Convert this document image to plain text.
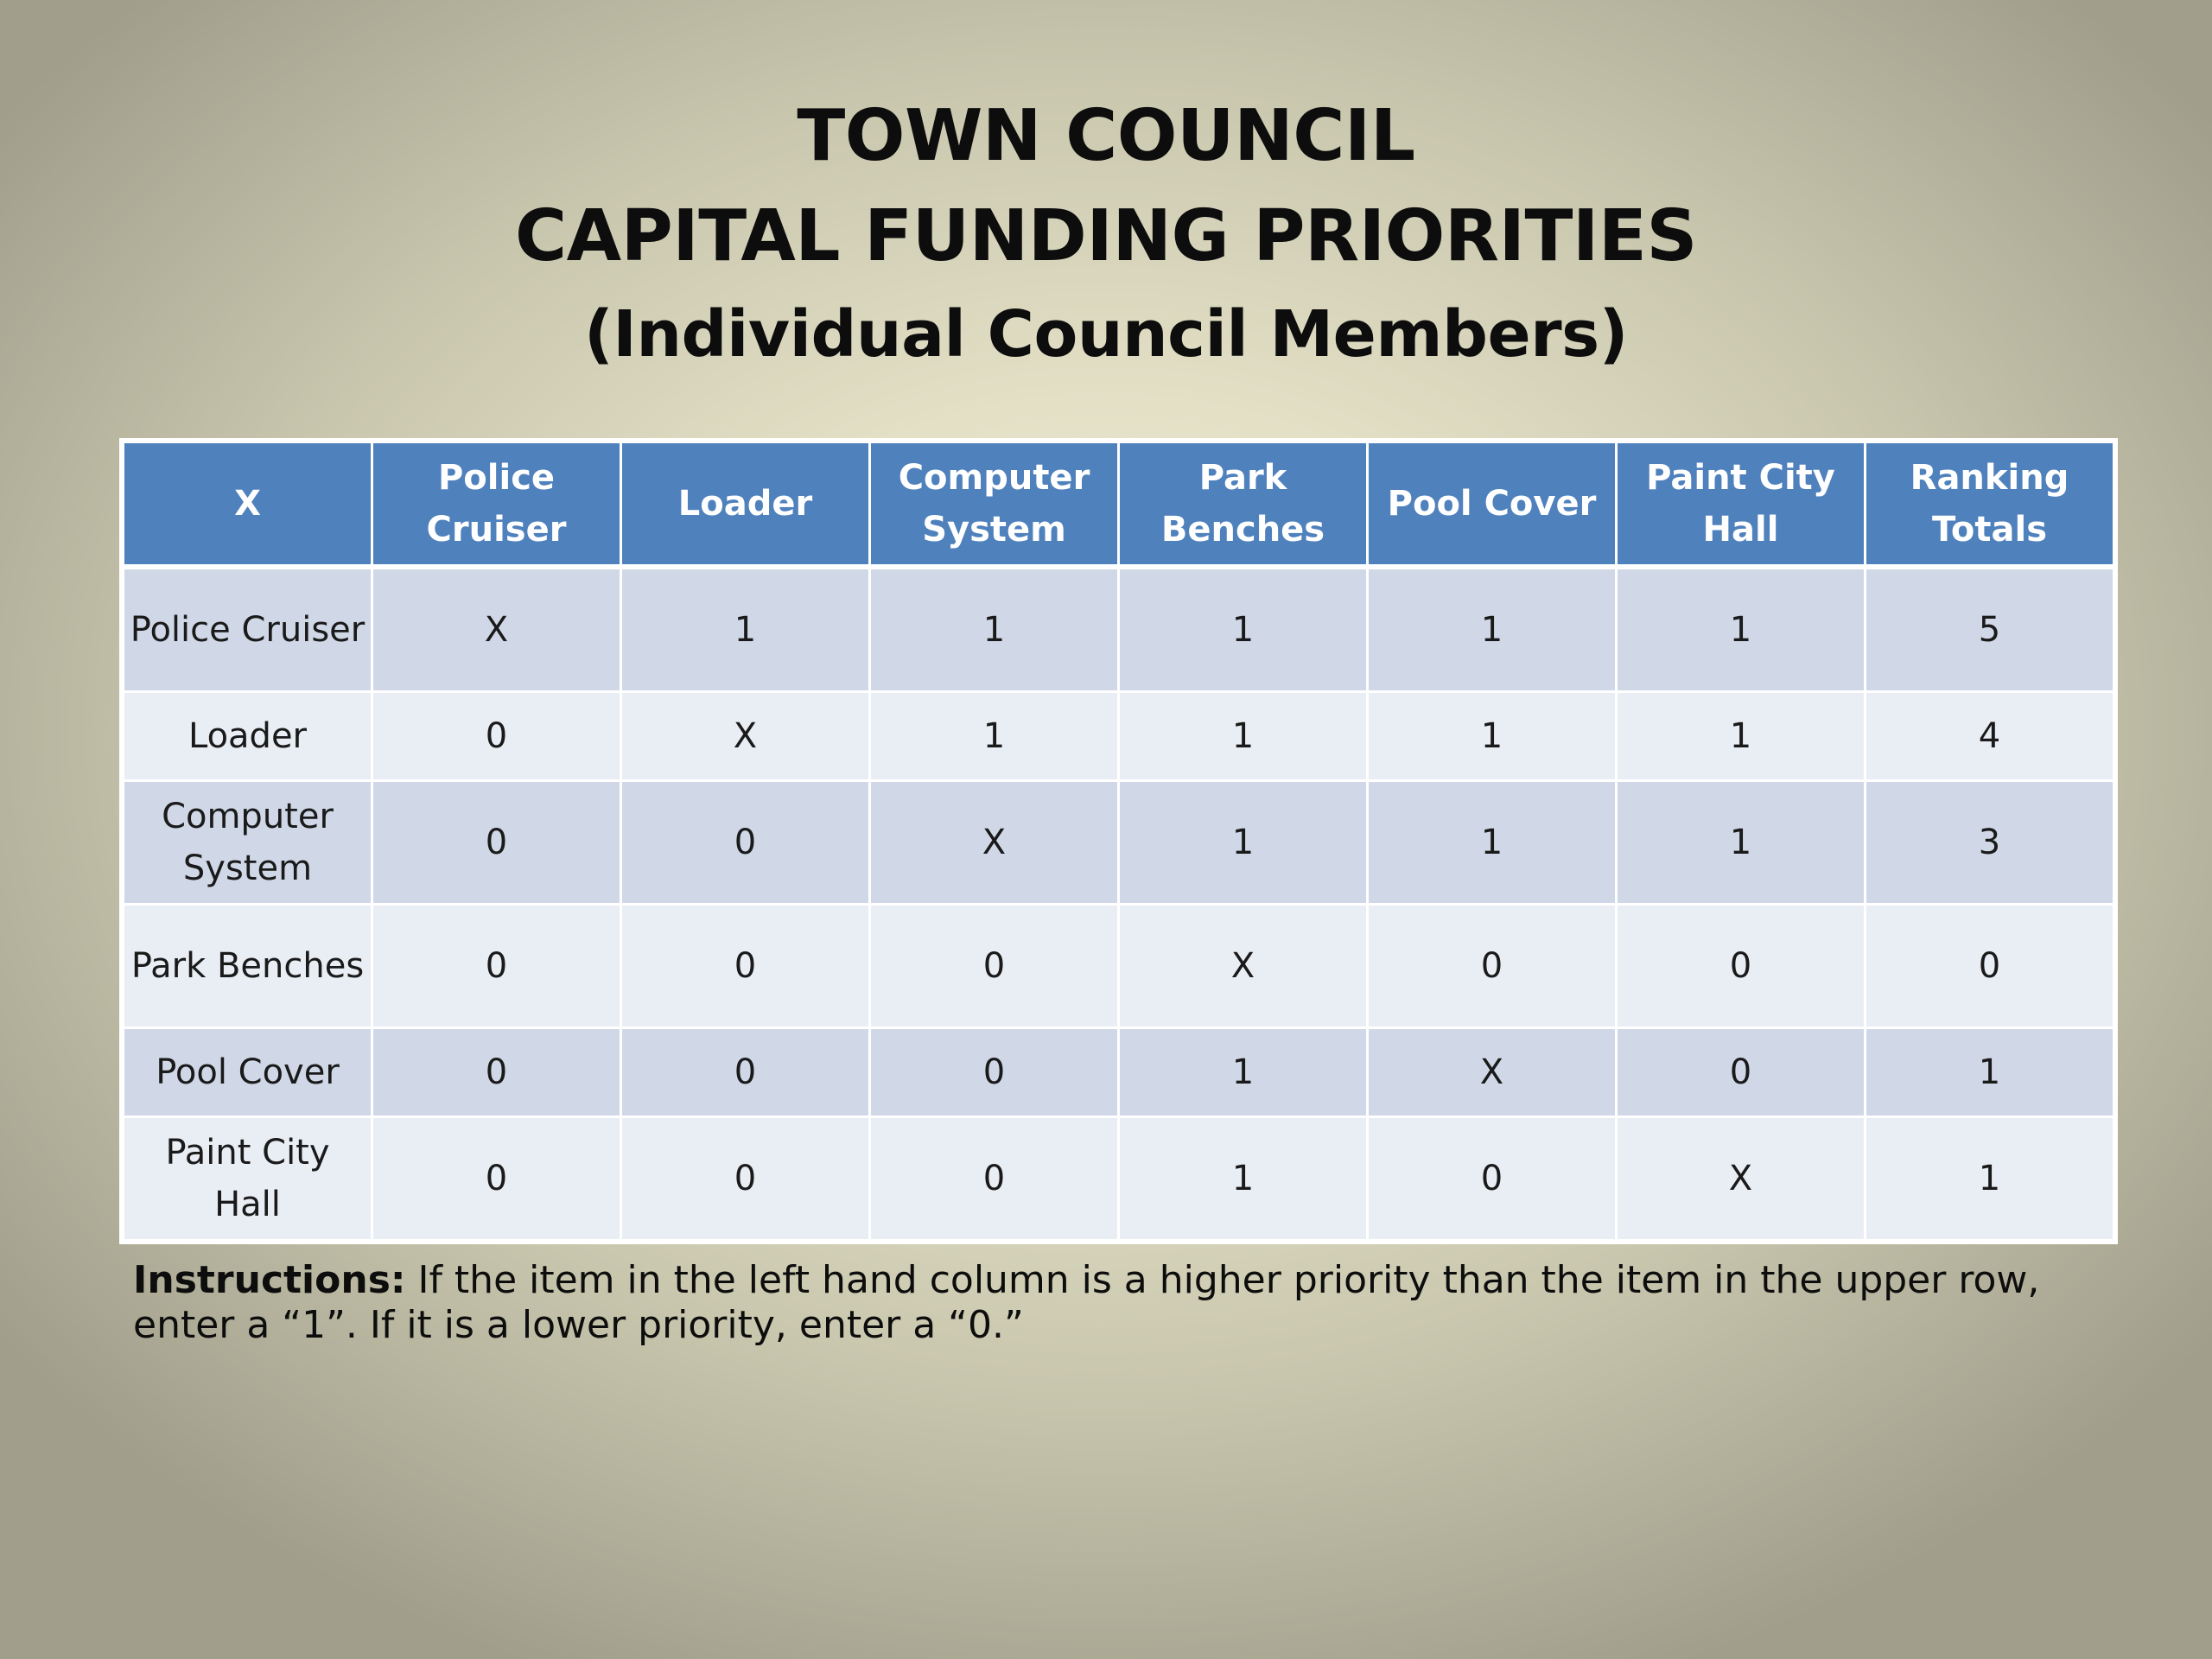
TOWN COUNCIL
CAPITAL FUNDING PRIORITIES
(Individual Council Members)
X	Police Cruiser	Loader	Computer System	Park Benches	Pool Cover	Paint City Hall	Ranking Totals
Police Cruiser	X	1	1	1	1	1	5
Loader	0	X	1	1	1	1	4
Computer System	0	0	X	1	1	1	3
Park Benches	0	0	0	X	0	0	0
Pool Cover	0	0	0	1	X	0	1
Paint City Hall	0	0	0	1	0	X	1
Instructions: If the item in the left hand column is a higher priority than the item in the upper row, enter a “1”. If it is a lower priority, enter a “0.”
